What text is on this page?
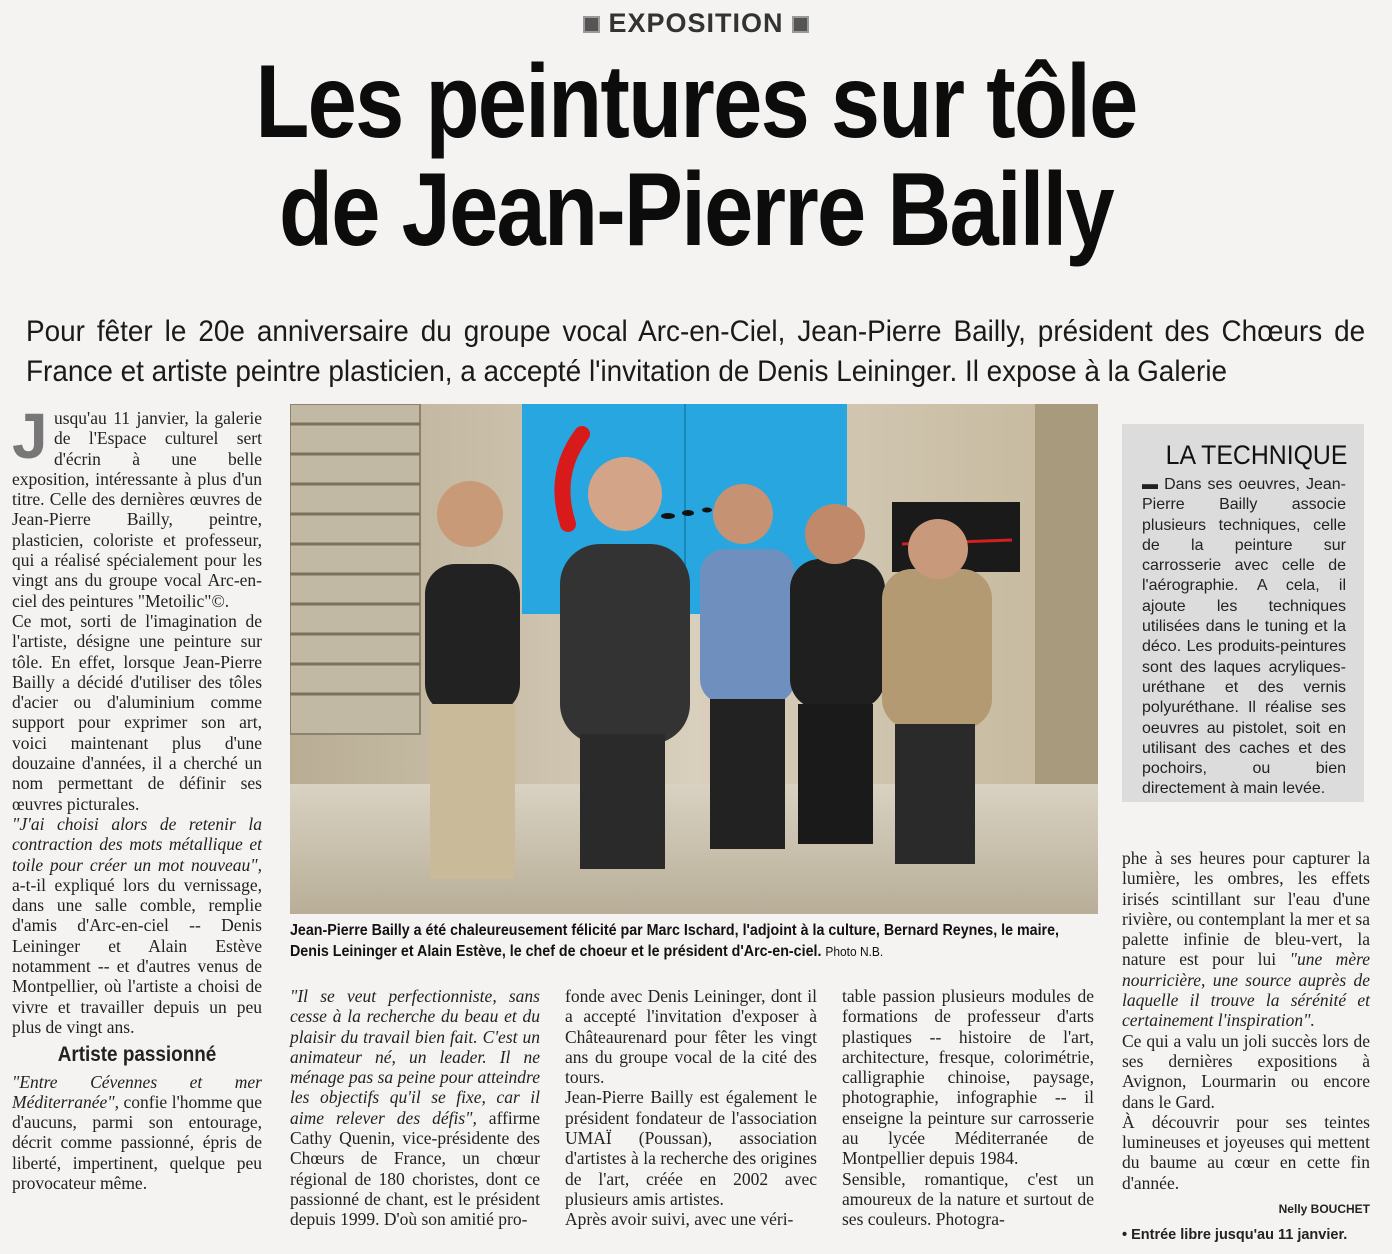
EXPOSITION
Les peintures sur tôle
de Jean-Pierre Bailly
Pour fêter le 20e anniversaire du groupe vocal Arc-en-Ciel, Jean-Pierre Bailly, président des Chœurs de France et artiste peintre plasticien, a accepté l'invitation de Denis Leininger. Il expose à la Galerie
J usqu'au 11 janvier, la galerie de l'Espace culturel sert d'écrin à une belle exposition, intéressante à plus d'un titre. Celle des dernières œuvres de Jean-Pierre Bailly, peintre, plasticien, coloriste et professeur, qui a réalisé spécialement pour les vingt ans du groupe vocal Arc-en-ciel des peintures "Metoilic"©.

Ce mot, sorti de l'imagination de l'artiste, désigne une peinture sur tôle. En effet, lorsque Jean-Pierre Bailly a décidé d'utiliser des tôles d'acier ou d'aluminium comme support pour exprimer son art, voici maintenant plus d'une douzaine d'années, il a cherché un nom permettant de définir ses œuvres picturales.

"J'ai choisi alors de retenir la contraction des mots métallique et toile pour créer un mot nouveau", a-t-il expliqué lors du vernissage, dans une salle comble, remplie d'amis d'Arc-en-ciel -- Denis Leininger et Alain Estève notamment -- et d'autres venus de Montpellier, où l'artiste a choisi de vivre et travailler depuis un peu plus de vingt ans.

Artiste passionné

"Entre Cévennes et mer Méditerranée", confie l'homme que d'aucuns, parmi son entourage, décrit comme passionné, épris de liberté, impertinent, quelque peu provocateur même.

Jean-Pierre Bailly a été chaleureusement félicité par Marc Ischard, l'adjoint à la culture, Bernard Reynes, le maire, Denis Leininger et Alain Estève, le chef de choeur et le président d'Arc-en-ciel. Photo N.B.

"Il se veut perfectionniste, sans cesse à la recherche du beau et du plaisir du travail bien fait. C'est un animateur né, un leader. Il ne ménage pas sa peine pour atteindre les objectifs qu'il se fixe, car il aime relever des défis", affirme Cathy Quenin, vice-présidente des Chœurs de France, un chœur régional de 180 choristes, dont ce passionné de chant, est le président depuis 1999. D'où son amitié pro-

fonde avec Denis Leininger, dont il a accepté l'invitation d'exposer à Châteaurenard pour fêter les vingt ans du groupe vocal de la cité des tours.

Jean-Pierre Bailly est également le président fondateur de l'association UMAÏ (Poussan), association d'artistes à la recherche des origines de l'art, créée en 2002 avec plusieurs amis artistes.

Après avoir suivi, avec une véri-

table passion plusieurs modules de formations de professeur d'arts plastiques -- histoire de l'art, architecture, fresque, colorimétrie, calligraphie chinoise, paysage, photographie, infographie -- il enseigne la peinture sur carrosserie au lycée Méditerranée de Montpellier depuis 1984.

Sensible, romantique, c'est un amoureux de la nature et surtout de ses couleurs. Photogra-

LA TECHNIQUE
▬ Dans ses oeuvres, Jean-Pierre Bailly associe plusieurs techniques, celle de la peinture sur carrosserie avec celle de l'aérographie. A cela, il ajoute les techniques utilisées dans le tuning et la déco. Les produits-peintures sont des laques acryliques-uréthane et des vernis polyuréthane. Il réalise ses oeuvres au pistolet, soit en utilisant des caches et des pochoirs, ou bien directement à main levée.

phe à ses heures pour capturer la lumière, les ombres, les effets irisés scintillant sur l'eau d'une rivière, ou contemplant la mer et sa palette infinie de bleu-vert, la nature est pour lui "une mère nourricière, une source auprès de laquelle il trouve la sérénité et certainement l'inspiration".

Ce qui a valu un joli succès lors de ses dernières expositions à Avignon, Lourmarin ou encore dans le Gard.

À découvrir pour ses teintes lumineuses et joyeuses qui mettent du baume au cœur en cette fin d'année.

Nelly BOUCHET
• Entrée libre jusqu'au 11 janvier.
